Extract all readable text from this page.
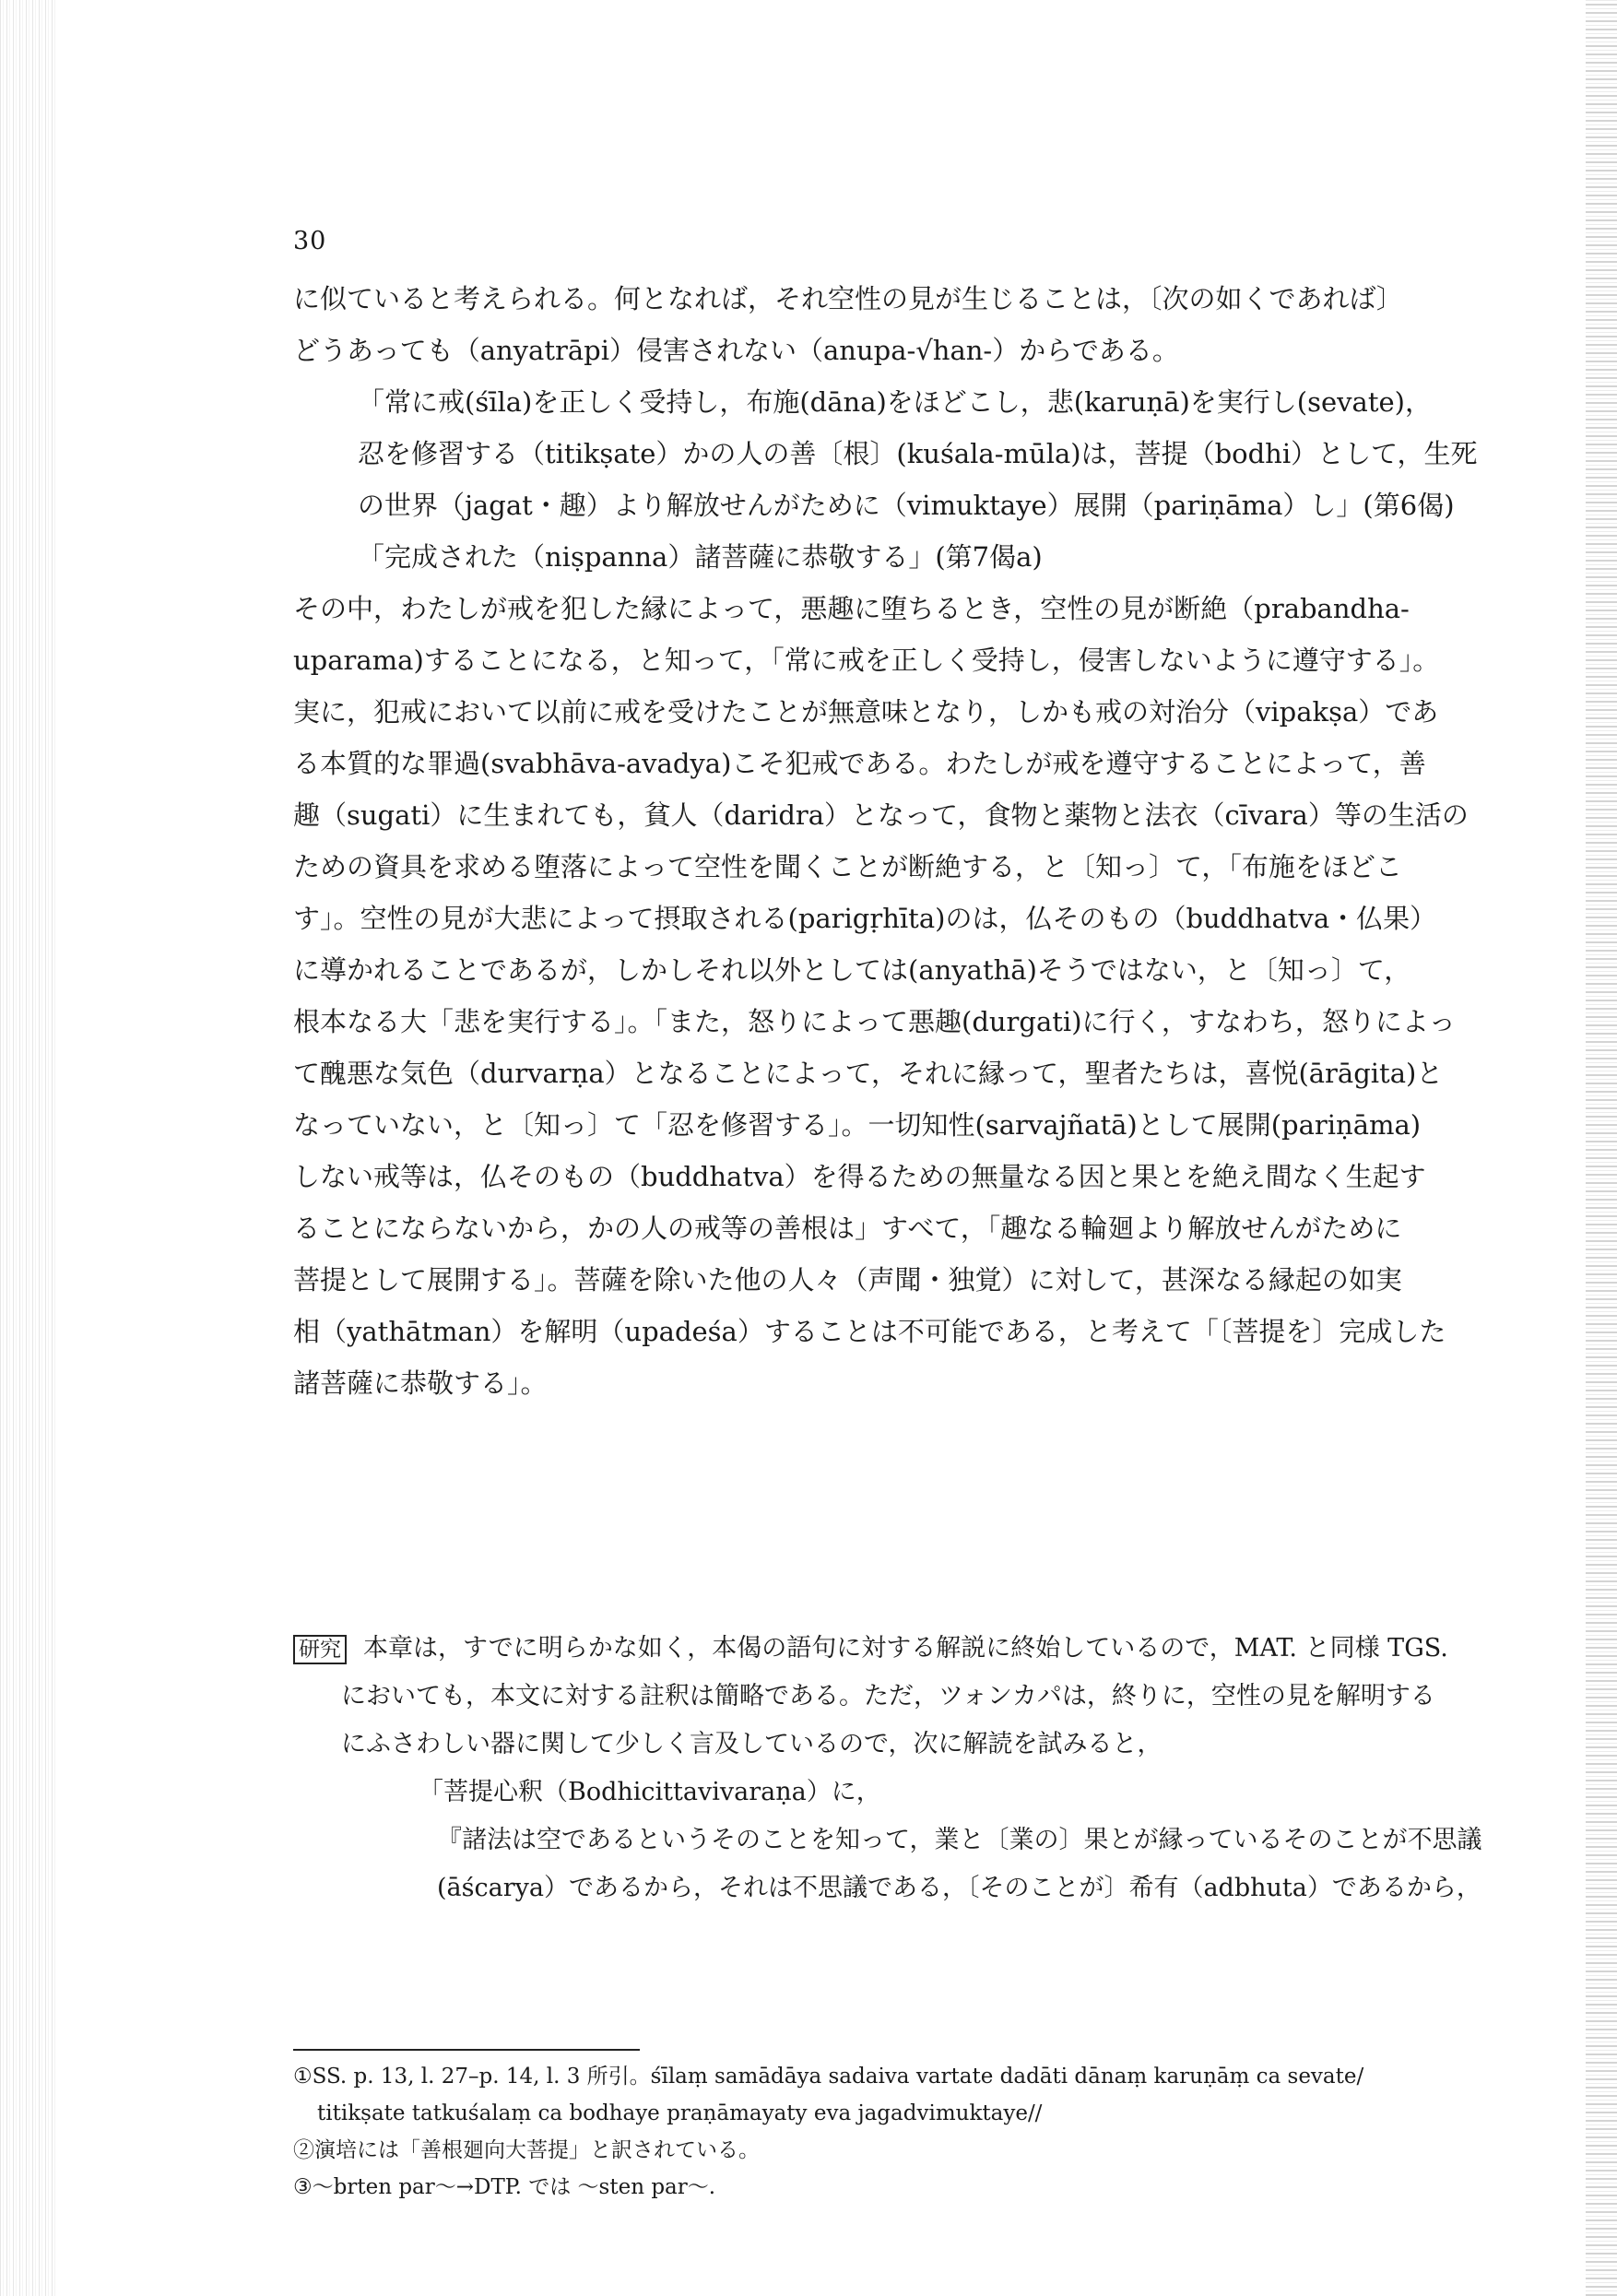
30
に似ていると考えられる。何となれば，それ空性の見が生じることは，〔次の如くであれば〕
どうあっても（anyatrāpi）侵害されない（anupa-√han-）からである。
「常に戒(śīla)を正しく受持し，布施(dāna)をほどこし，悲(karuṇā)を実行し(sevate)，
忍を修習する（titikṣate）かの人の善〔根〕(kuśala-mūla)は，菩提（bodhi）として，生死
の世界（jagat・趣）より解放せんがために（vimuktaye）展開（pariṇāma）し」(第6偈)
「完成された（niṣpanna）諸菩薩に恭敬する」(第7偈a)
その中，わたしが戒を犯した縁によって，悪趣に堕ちるとき，空性の見が断絶（prabandha-
uparama)することになる，と知って，「常に戒を正しく受持し，侵害しないように遵守する」。
実に，犯戒において以前に戒を受けたことが無意味となり，しかも戒の対治分（vipakṣa）であ
る本質的な罪過(svabhāva-avadya)こそ犯戒である。わたしが戒を遵守することによって，善
趣（sugati）に生まれても，貧人（daridra）となって，食物と薬物と法衣（cīvara）等の生活の
ための資具を求める堕落によって空性を聞くことが断絶する，と〔知っ〕て，「布施をほどこ
す」。空性の見が大悲によって摂取される(parigṛhīta)のは，仏そのもの（buddhatva・仏果）
に導かれることであるが，しかしそれ以外としては(anyathā)そうではない，と〔知っ〕て，
根本なる大「悲を実行する」。「また，怒りによって悪趣(durgati)に行く，すなわち，怒りによっ
て醜悪な気色（durvarṇa）となることによって，それに縁って，聖者たちは，喜悦(ārāgita)と
なっていない，と〔知っ〕て「忍を修習する」。一切知性(sarvajñatā)として展開(pariṇāma)
しない戒等は，仏そのもの（buddhatva）を得るための無量なる因と果とを絶え間なく生起す
ることにならないから，かの人の戒等の善根は」すべて，「趣なる輪廻より解放せんがために
菩提として展開する」。菩薩を除いた他の人々（声聞・独覚）に対して，甚深なる縁起の如実
相（yathātman）を解明（upadeśa）することは不可能である，と考えて「〔菩提を〕完成した
諸菩薩に恭敬する」。
研究 本章は，すでに明らかな如く，本偈の語句に対する解説に終始しているので，MAT. と同様 TGS.
においても，本文に対する註釈は簡略である。ただ，ツォンカパは，終りに，空性の見を解明する
にふさわしい器に関して少しく言及しているので，次に解読を試みると，
「菩提心釈（Bodhicittavivaraṇa）に，
『諸法は空であるというそのことを知って，業と〔業の〕果とが縁っているそのことが不思議
(āścarya）であるから，それは不思議である，〔そのことが〕希有（adbhuta）であるから，
①SS. p. 13, l. 27–p. 14, l. 3 所引。śīlaṃ samādāya sadaiva vartate dadāti dānaṃ karuṇāṃ ca sevate/
titikṣate tatkuśalaṃ ca bodhaye praṇāmayaty eva jagadvimuktaye//
②演培には「善根廻向大菩提」と訳されている。
③～brten par～→DTP. では ～sten par～.
